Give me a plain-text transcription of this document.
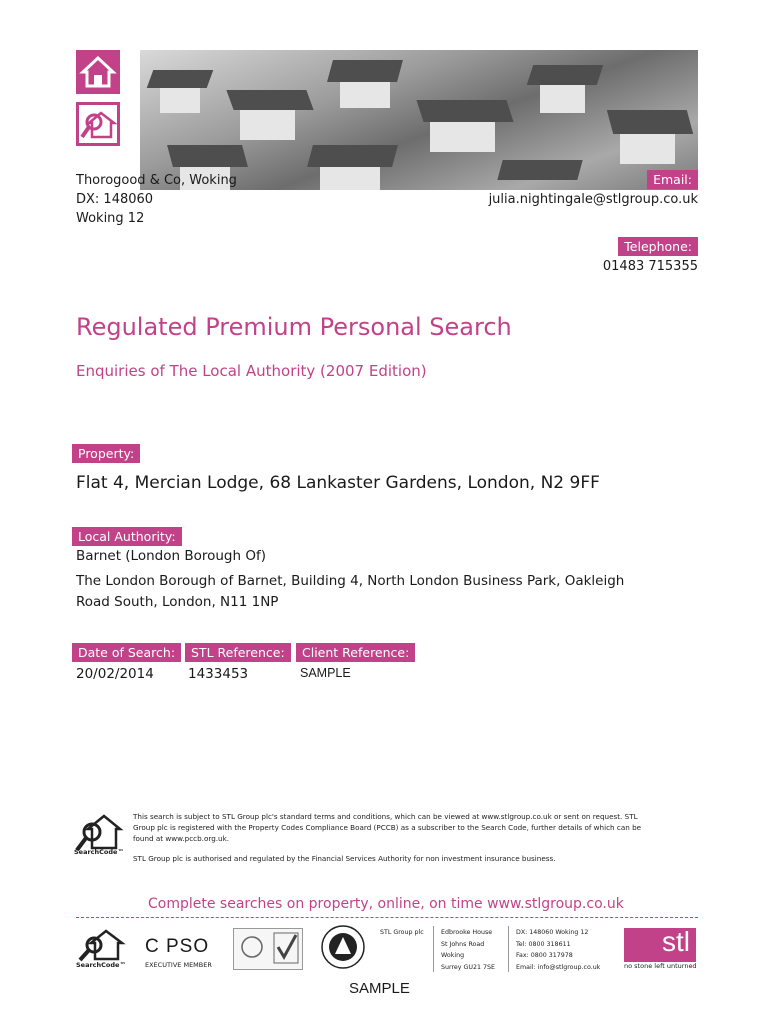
Thorogood & Co, Woking
DX: 148060
Woking 12
Email:
julia.nightingale@stlgroup.co.uk
Telephone:
01483 715355
Regulated Premium Personal Search
Enquiries of The Local Authority (2007 Edition)
Property:
Flat 4, Mercian Lodge, 68 Lankaster Gardens, London, N2 9FF
Local Authority:
Barnet (London Borough Of)
The London Borough of Barnet, Building 4, North London Business Park, Oakleigh
Road South, London, N11 1NP
Date of Search:
20/02/2014
STL Reference:
1433453
Client Reference:
SAMPLE
SearchCode™
This search is subject to STL Group plc's standard terms and conditions, which can be viewed at www.stlgroup.co.uk or sent on request. STL
Group plc is registered with the Property Codes Compliance Board (PCCB) as a subscriber to the Search Code, further details of which can be
found at www.pccb.org.uk.
STL Group plc is authorised and regulated by the Financial Services Authority for non investment insurance business.
Complete searches on property, online, on time www.stlgroup.co.uk
SearchCode™
C PSO
EXECUTIVE MEMBER
STL Group plc	Edbrooke House
St Johns Road
Woking
Surrey GU21 7SE
DX: 148060 Woking 12
Tel: 0800 318611
Fax: 0800 317978
Email: info@stlgroup.co.uk
stl
no stone left unturned
SAMPLE
